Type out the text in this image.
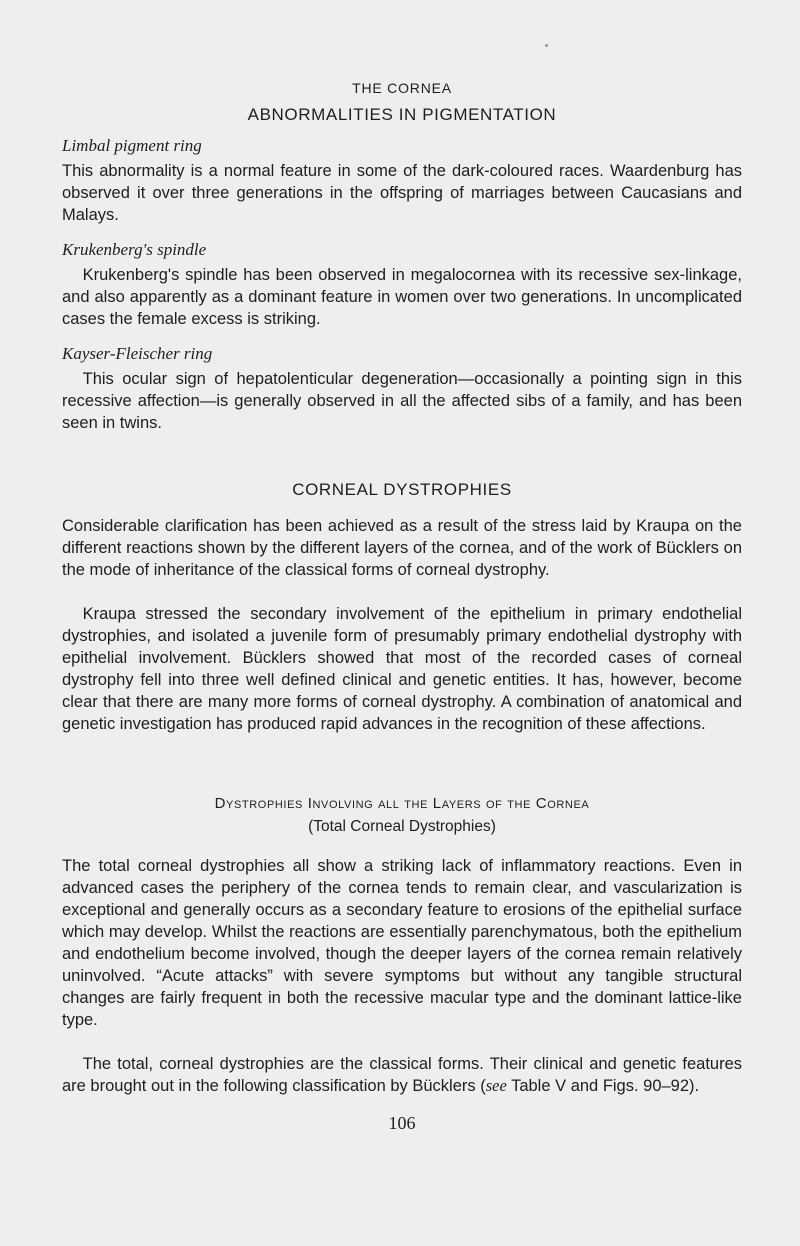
THE CORNEA
ABNORMALITIES IN PIGMENTATION
Limbal pigment ring

This abnormality is a normal feature in some of the dark-coloured races. Waardenburg has observed it over three generations in the offspring of marriages between Caucasians and Malays.

Krukenberg's spindle

Krukenberg's spindle has been observed in megalocornea with its recessive sex-linkage, and also apparently as a dominant feature in women over two generations. In uncomplicated cases the female excess is striking.

Kayser-Fleischer ring

This ocular sign of hepatolenticular degeneration—occasionally a pointing sign in this recessive affection—is generally observed in all the affected sibs of a family, and has been seen in twins.

CORNEAL DYSTROPHIES

Considerable clarification has been achieved as a result of the stress laid by Kraupa on the different reactions shown by the different layers of the cornea, and of the work of Bücklers on the mode of inheritance of the classical forms of corneal dystrophy.

Kraupa stressed the secondary involvement of the epithelium in primary endothelial dystrophies, and isolated a juvenile form of presumably primary endothelial dystrophy with epithelial involvement. Bücklers showed that most of the recorded cases of corneal dystrophy fell into three well defined clinical and genetic entities. It has, however, become clear that there are many more forms of corneal dystrophy. A combination of anatomical and genetic investigation has produced rapid advances in the recognition of these affections.

Dystrophies Involving all the Layers of the Cornea
(Total Corneal Dystrophies)

The total corneal dystrophies all show a striking lack of inflammatory reactions. Even in advanced cases the periphery of the cornea tends to remain clear, and vascularization is exceptional and generally occurs as a secondary feature to erosions of the epithelial surface which may develop. Whilst the reactions are essentially parenchymatous, both the epithelium and endothelium become involved, though the deeper layers of the cornea remain relatively uninvolved. “Acute attacks” with severe symptoms but without any tangible structural changes are fairly frequent in both the recessive macular type and the dominant lattice-like type.

The total, corneal dystrophies are the classical forms. Their clinical and genetic features are brought out in the following classification by Bücklers (see Table V and Figs. 90–92).

106
